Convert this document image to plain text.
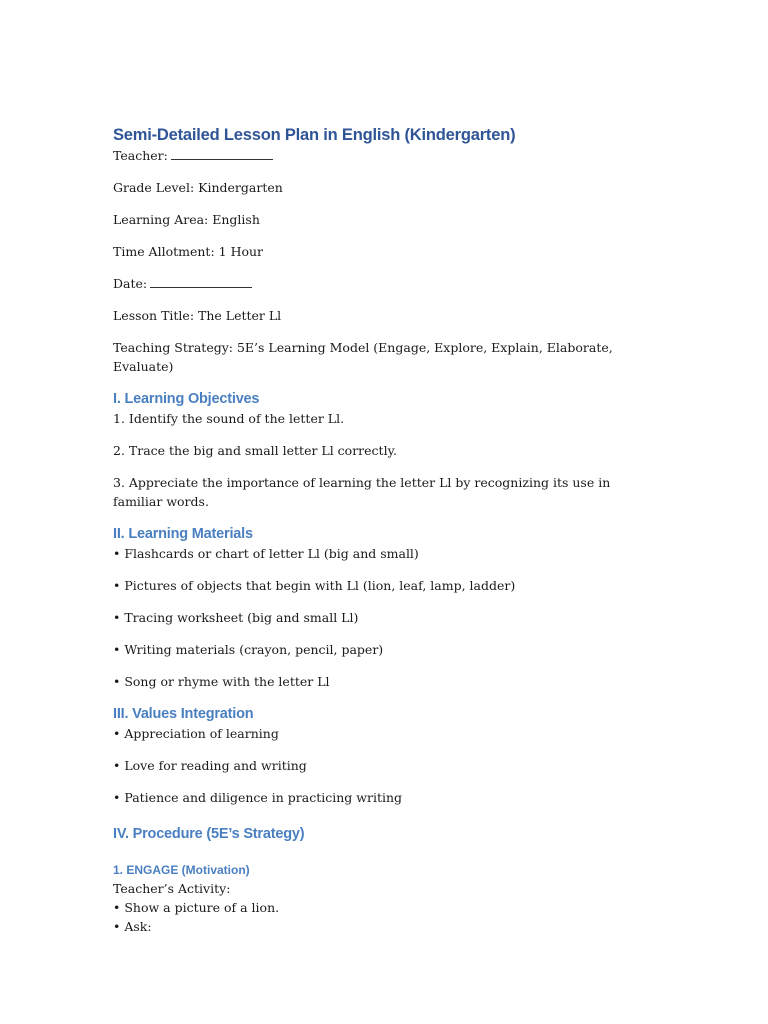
Semi-Detailed Lesson Plan in English (Kindergarten)

Teacher:

Grade Level: Kindergarten

Learning Area: English

Time Allotment: 1 Hour

Date:

Lesson Title: The Letter Ll

Teaching Strategy: 5E’s Learning Model (Engage, Explore, Explain, Elaborate, Evaluate)

I. Learning Objectives

1. Identify the sound of the letter Ll.

2. Trace the big and small letter Ll correctly.

3. Appreciate the importance of learning the letter Ll by recognizing its use in familiar words.

II. Learning Materials

• Flashcards or chart of letter Ll (big and small)

• Pictures of objects that begin with Ll (lion, leaf, lamp, ladder)

• Tracing worksheet (big and small Ll)

• Writing materials (crayon, pencil, paper)

• Song or rhyme with the letter Ll

III. Values Integration

• Appreciation of learning

• Love for reading and writing

• Patience and diligence in practicing writing

IV. Procedure (5E’s Strategy)
1. ENGAGE (Motivation)

Teacher’s Activity:

• Show a picture of a lion.

• Ask:
